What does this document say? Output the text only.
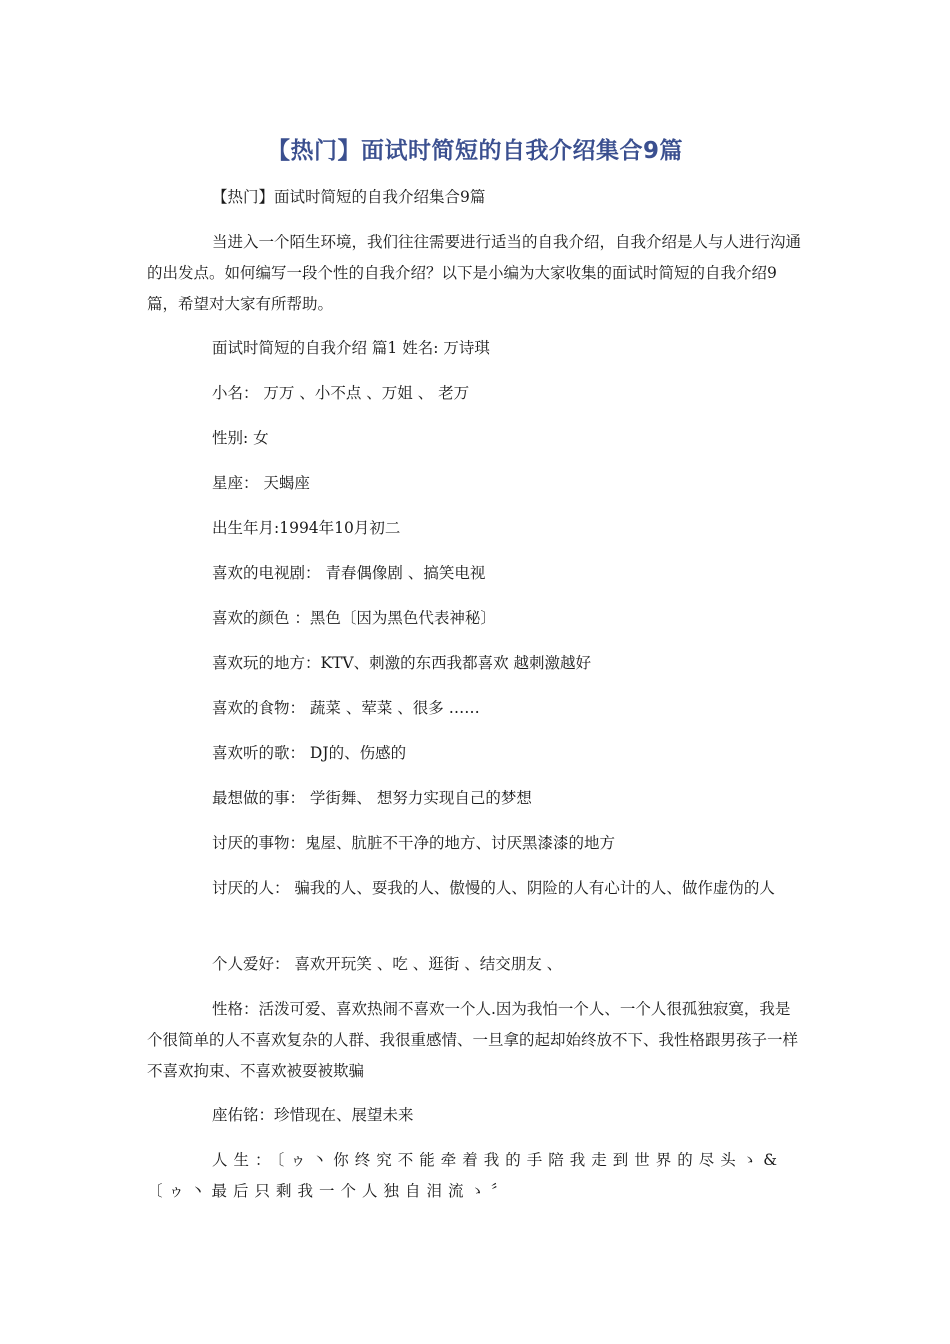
【热门】面试时简短的自我介绍集合9篇

【热门】面试时简短的自我介绍集合9篇

当进入一个陌生环境，我们往往需要进行适当的自我介绍，自我介绍是人与人进行沟通的出发点。如何编写一段个性的自我介绍？以下是小编为大家收集的面试时简短的自我介绍9篇，希望对大家有所帮助。

面试时简短的自我介绍 篇1 姓名: 万诗琪

小名： 万万 、小不点 、万姐 、 老万

性别: 女

星座： 天蝎座

出生年月:1994年10月初二

喜欢的电视剧： 青春偶像剧 、搞笑电视

喜欢的颜色 ：黑色〔因为黑色代表神秘〕

喜欢玩的地方：KTV、刺激的东西我都喜欢 越刺激越好

喜欢的食物： 蔬菜 、荤菜 、很多 ……

喜欢听的歌： DJ的、伤感的

最想做的事： 学街舞、 想努力实现自己的梦想

讨厌的事物：鬼屋、肮脏不干净的地方、讨厌黑漆漆的地方

讨厌的人： 骗我的人、耍我的人、傲慢的人、阴险的人有心计的人、做作虚伪的人

个人爱好： 喜欢开玩笑 、吃 、逛街 、结交朋友 、

性格：活泼可爱、喜欢热闹不喜欢一个人.因为我怕一个人、一个人很孤独寂寞，我是个很简单的人不喜欢复杂的人群、我很重感情、一旦拿的起却始终放不下、我性格跟男孩子一样不喜欢拘束、不喜欢被耍被欺骗

座佑铭：珍惜现在、展望未来

人生：〔ゥ丶你终究不能牵着我的手陪我走到世界的尽头ゝ&〔ゥ丶最后只剩我一个人独自泪流ゝ〞
